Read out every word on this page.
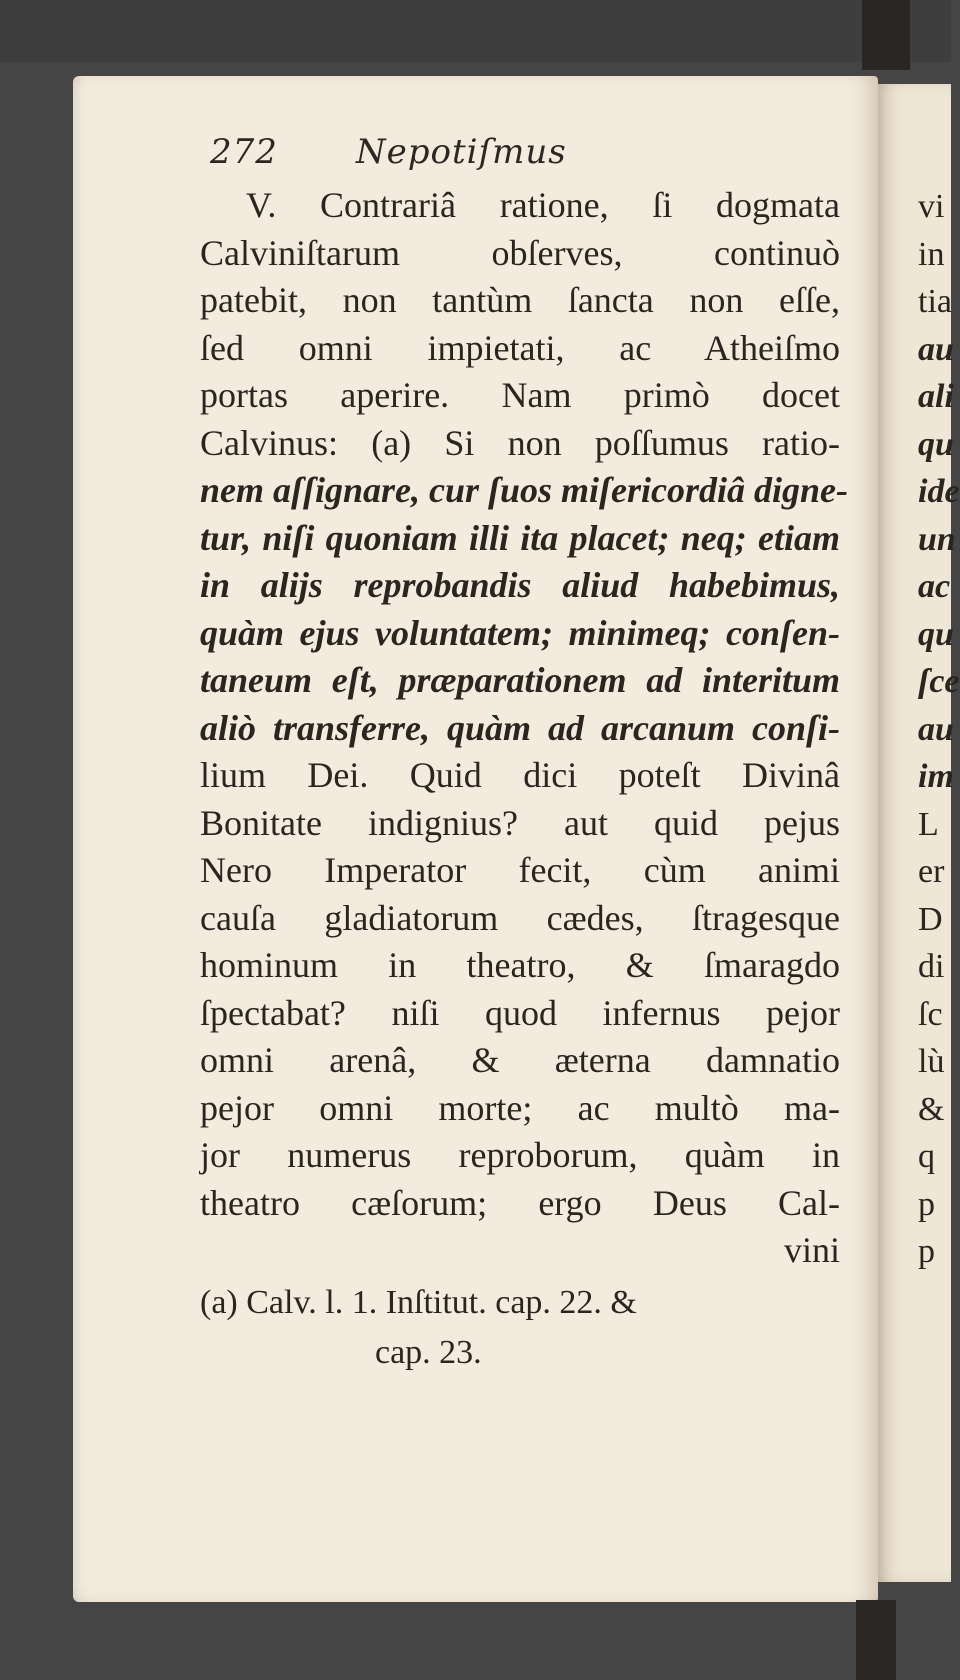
272 Nepotiſmus
V. Contrariâ ratione, ſi dogmata
Calviniſtarum obſerves, continuò
patebit, non tantùm ſancta non eſſe,
ſed omni impietati, ac Atheiſmo
portas aperire. Nam primò docet
Calvinus: (a) Si non poſſumus ratio-
nem aſſignare, cur ſuos miſericordiâ digne-
tur, niſi quoniam illi ita placet; neq; etiam
in alijs reprobandis aliud habebimus,
quàm ejus voluntatem; minimeq; conſen-
taneum eſt, præparationem ad interitum
aliò transferre, quàm ad arcanum conſi-
lium Dei. Quid dici poteſt Divinâ
Bonitate indignius? aut quid pejus
Nero Imperator fecit, cùm animi
cauſa gladiatorum cædes, ſtragesque
hominum in theatro, & ſmaragdo
ſpectabat? niſi quod infernus pejor
omni arenâ, & æterna damnatio
pejor omni morte; ac multò ma-
jor numerus reproborum, quàm in
theatro cæſorum; ergo Deus Cal-
vini
(a) Calv. l. 1. Inſtitut. cap. 22. &
cap. 23.
vi
in
tia
au
ali
qu
ide
un
ac
qu
ſce
au
im
L
er
D
di
ſc
lù
&
q
p
p
